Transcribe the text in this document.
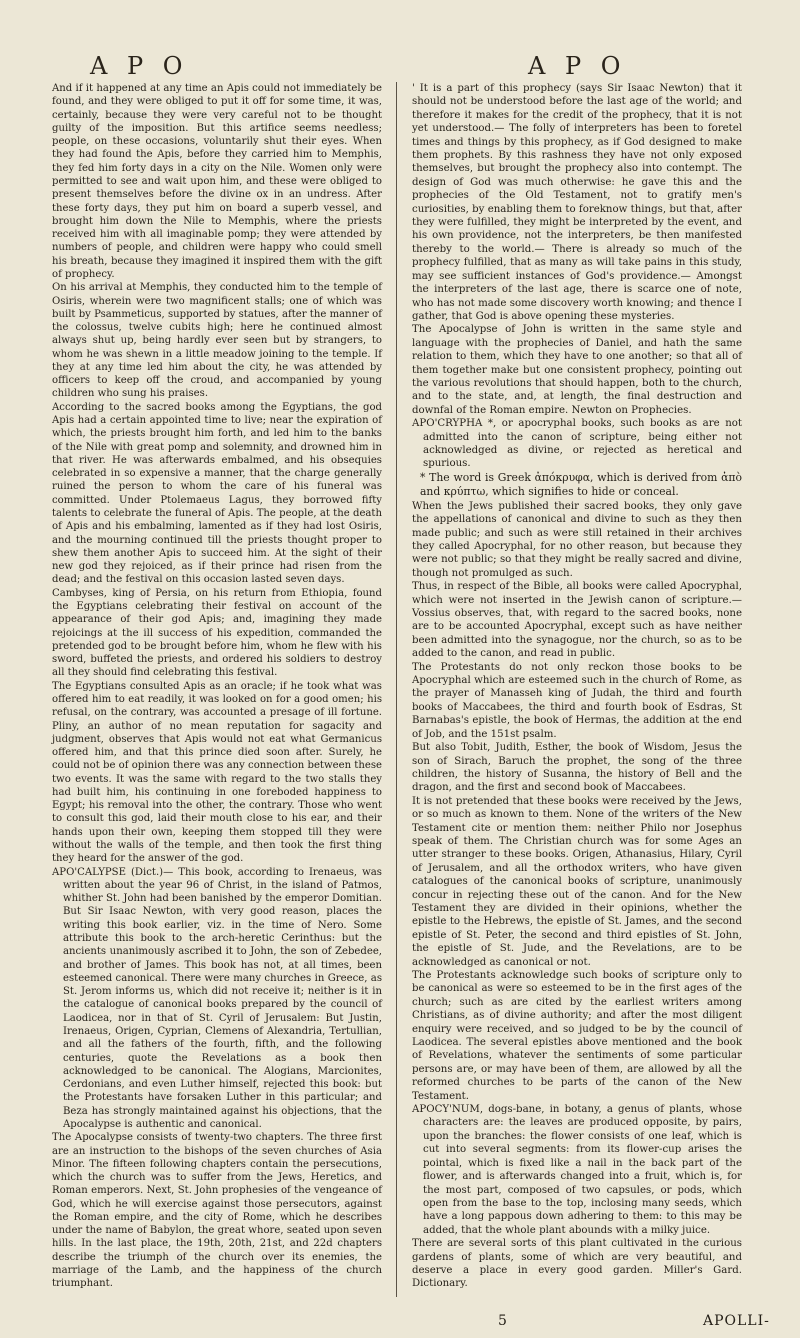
A P O	A P O

And if it happened at any time an Apis could not immediately be found, and they were obliged to put it off for some time, it was, certainly, because they were very careful not to be thought guilty of the imposition. But this artifice seems needless; people, on these occasions, voluntarily shut their eyes. When they had found the Apis, before they carried him to Memphis, they fed him forty days in a city on the Nile. Women only were permitted to see and wait upon him, and these were obliged to present themselves before the divine ox in an undress. After these forty days, they put him on board a superb vessel, and brought him down the Nile to Memphis, where the priests received him with all imaginable pomp; they were attended by numbers of people, and children were happy who could smell his breath, because they imagined it inspired them with the gift of prophecy.

On his arrival at Memphis, they conducted him to the temple of Osiris, wherein were two magnificent stalls; one of which was built by Psammeticus, supported by statues, after the manner of the colossus, twelve cubits high; here he continued almost always shut up, being hardly ever seen but by strangers, to whom he was shewn in a little meadow joining to the temple. If they at any time led him about the city, he was attended by officers to keep off the croud, and accompanied by young children who sung his praises.

According to the sacred books among the Egyptians, the god Apis had a certain appointed time to live; near the expiration of which, the priests brought him forth, and led him to the banks of the Nile with great pomp and solemnity, and drowned him in that river. He was afterwards embalmed, and his obsequies celebrated in so expensive a manner, that the charge generally ruined the person to whom the care of his funeral was committed. Under Ptolemaeus Lagus, they borrowed fifty talents to celebrate the funeral of Apis. The people, at the death of Apis and his embalming, lamented as if they had lost Osiris, and the mourning continued till the priests thought proper to shew them another Apis to succeed him. At the sight of their new god they rejoiced, as if their prince had risen from the dead; and the festival on this occasion lasted seven days.

Cambyses, king of Persia, on his return from Ethiopia, found the Egyptians celebrating their festival on account of the appearance of their god Apis; and, imagining they made rejoicings at the ill success of his expedition, commanded the pretended god to be brought before him, whom he flew with his sword, buffeted the priests, and ordered his soldiers to destroy all they should find celebrating this festival.

The Egyptians consulted Apis as an oracle; if he took what was offered him to eat readily, it was looked on for a good omen; his refusal, on the contrary, was accounted a presage of ill fortune. Pliny, an author of no mean reputation for sagacity and judgment, observes that Apis would not eat what Germanicus offered him, and that this prince died soon after. Surely, he could not be of opinion there was any connection between these two events. It was the same with regard to the two stalls they had built him, his continuing in one foreboded happiness to Egypt; his removal into the other, the contrary. Those who went to consult this god, laid their mouth close to his ear, and their hands upon their own, keeping them stopped till they were without the walls of the temple, and then took the first thing they heard for the answer of the god.

APO'CALYPSE (Dict.)— This book, according to Irenaeus, was written about the year 96 of Christ, in the island of Patmos, whither St. John had been banished by the emperor Domitian. But Sir Isaac Newton, with very good reason, places the writing this book earlier, viz. in the time of Nero. Some attribute this book to the arch-heretic Cerinthus: but the ancients unanimously ascribed it to John, the son of Zebedee, and brother of James. This book has not, at all times, been esteemed canonical. There were many churches in Greece, as St. Jerom informs us, which did not receive it; neither is it in the catalogue of canonical books prepared by the council of Laodicea, nor in that of St. Cyril of Jerusalem: But Justin, Irenaeus, Origen, Cyprian, Clemens of Alexandria, Tertullian, and all the fathers of the fourth, fifth, and the following centuries, quote the Revelations as a book then acknowledged to be canonical. The Alogians, Marcionites, Cerdonians, and even Luther himself, rejected this book: but the Protestants have forsaken Luther in this particular; and Beza has strongly maintained against his objections, that the Apocalypse is authentic and canonical.

The Apocalypse consists of twenty-two chapters. The three first are an instruction to the bishops of the seven churches of Asia Minor. The fifteen following chapters contain the persecutions, which the church was to suffer from the Jews, Heretics, and Roman emperors. Next, St. John prophesies of the vengeance of God, which he will exercise against those persecutors, against the Roman empire, and the city of Rome, which he describes under the name of Babylon, the great whore, seated upon seven hills. In the last place, the 19th, 20th, 21st, and 22d chapters describe the triumph of the church over its enemies, the marriage of the Lamb, and the happiness of the church triumphant.

' It is a part of this prophecy (says Sir Isaac Newton) that it should not be understood before the last age of the world; and therefore it makes for the credit of the prophecy, that it is not yet understood.— The folly of interpreters has been to foretel times and things by this prophecy, as if God designed to make them prophets. By this rashness they have not only exposed themselves, but brought the prophecy also into contempt. The design of God was much otherwise: he gave this and the prophecies of the Old Testament, not to gratify men's curiosities, by enabling them to foreknow things, but that, after they were fulfilled, they might be interpreted by the event, and his own providence, not the interpreters, be then manifested thereby to the world.— There is already so much of the prophecy fulfilled, that as many as will take pains in this study, may see sufficient instances of God's providence.— Amongst the interpreters of the last age, there is scarce one of note, who has not made some discovery worth knowing; and thence I gather, that God is above opening these mysteries.

The Apocalypse of John is written in the same style and language with the prophecies of Daniel, and hath the same relation to them, which they have to one another; so that all of them together make but one consistent prophecy, pointing out the various revolutions that should happen, both to the church, and to the state, and, at length, the final destruction and downfal of the Roman empire. Newton on Prophecies.

APO'CRYPHA *, or apocryphal books, such books as are not admitted into the canon of scripture, being either not acknowledged as divine, or rejected as heretical and spurious.

* The word is Greek ἀπόκρυφα, which is derived from ἀπὸ and κρύπτω, which signifies to hide or conceal.

When the Jews published their sacred books, they only gave the appellations of canonical and divine to such as they then made public; and such as were still retained in their archives they called Apocryphal, for no other reason, but because they were not public; so that they might be really sacred and divine, though not promulged as such.

Thus, in respect of the Bible, all books were called Apocryphal, which were not inserted in the Jewish canon of scripture.—Vossius observes, that, with regard to the sacred books, none are to be accounted Apocryphal, except such as have neither been admitted into the synagogue, nor the church, so as to be added to the canon, and read in public.

The Protestants do not only reckon those books to be Apocryphal which are esteemed such in the church of Rome, as the prayer of Manasseh king of Judah, the third and fourth books of Maccabees, the third and fourth book of Esdras, St Barnabas's epistle, the book of Hermas, the addition at the end of Job, and the 151st psalm.

But also Tobit, Judith, Esther, the book of Wisdom, Jesus the son of Sirach, Baruch the prophet, the song of the three children, the history of Susanna, the history of Bell and the dragon, and the first and second book of Maccabees.

It is not pretended that these books were received by the Jews, or so much as known to them. None of the writers of the New Testament cite or mention them: neither Philo nor Josephus speak of them. The Christian church was for some Ages an utter stranger to these books. Origen, Athanasius, Hilary, Cyril of Jerusalem, and all the orthodox writers, who have given catalogues of the canonical books of scripture, unanimously concur in rejecting these out of the canon. And for the New Testament they are divided in their opinions, whether the epistle to the Hebrews, the epistle of St. James, and the second epistle of St. Peter, the second and third epistles of St. John, the epistle of St. Jude, and the Revelations, are to be acknowledged as canonical or not.

The Protestants acknowledge such books of scripture only to be canonical as were so esteemed to be in the first ages of the church; such as are cited by the earliest writers among Christians, as of divine authority; and after the most diligent enquiry were received, and so judged to be by the council of Laodicea. The several epistles above mentioned and the book of Revelations, whatever the sentiments of some particular persons are, or may have been of them, are allowed by all the reformed churches to be parts of the canon of the New Testament.

APOCY'NUM, dogs-bane, in botany, a genus of plants, whose characters are: the leaves are produced opposite, by pairs, upon the branches: the flower consists of one leaf, which is cut into several segments: from its flower-cup arises the pointal, which is fixed like a nail in the back part of the flower, and is afterwards changed into a fruit, which is, for the most part, composed of two capsules, or pods, which open from the base to the top, inclosing many seeds, which have a long pappous down adhering to them: to this may be added, that the whole plant abounds with a milky juice.

There are several sorts of this plant cultivated in the curious gardens of plants, some of which are very beautiful, and deserve a place in every good garden. Miller's Gard. Dictionary.

5	APOLLI-
